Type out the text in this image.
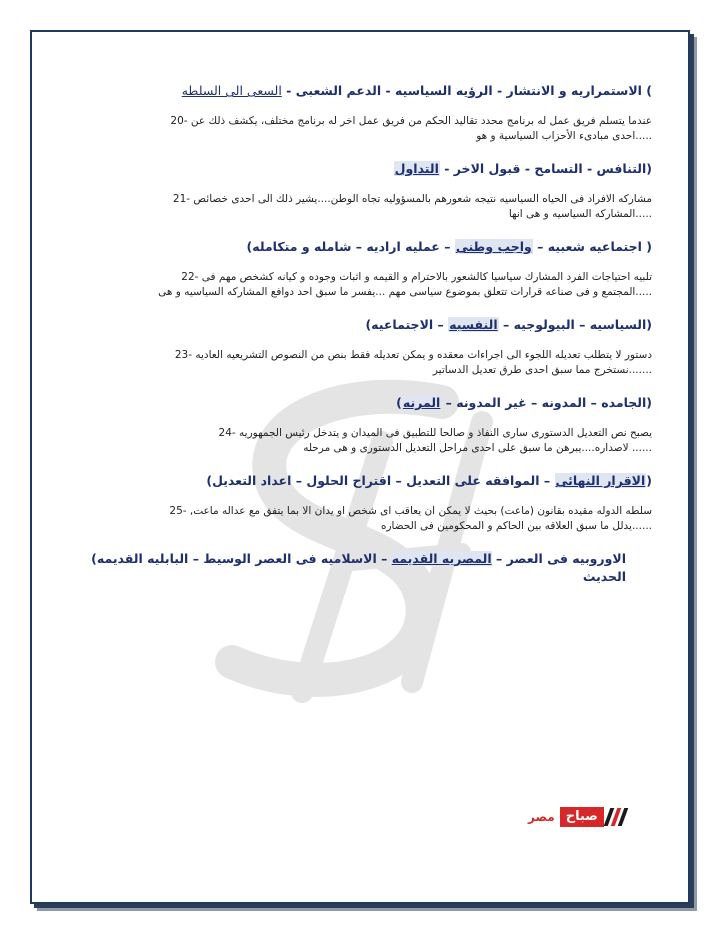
) الاستمراريه و الانتشار - الرؤيه السياسيه - الدعم الشعبى - السعى الى السلطه
عندما يتسلم فريق عمل له برنامج محدد تقاليد الحكم من فريق عمل اخر له برنامج مختلف، يكشف ذلك عن -20
.....احدى مبادىء الأحزاب السياسية و هو
(التنافس - التسامح - قبول الاخر - التداول
مشاركه الافراد فى الحياه السياسيه نتيجه شعورهم بالمسؤوليه تجاه الوطن....يشير ذلك الى احدى خصائص -21
.....المشاركه السياسيه و هى انها
( اجتماعيه شعبيه – واجب وطنى – عمليه اراديه – شامله و متكامله)
تلبيه احتياجات الفرد المشارك سياسيا كالشعور بالاحترام و القيمه و اثبات وجوده و كيانه كشخص مهم فى -22
.....المجتمع و فى صناعه قرارات تتعلق بموضوع سياسى مهم ...يفسر ما سبق احد دوافع المشاركه السياسيه و هى
(السياسيه – البيولوجيه – النفسيه – الاجتماعيه)
دستور لا يتطلب تعديله اللجوء الى اجراءات معقده و يمكن تعديله فقط بنص من النصوص التشريعيه العاديه -23
.......نستخرج مما سبق احدى طرق تعديل الدساتير
(الجامده – المدونه – غير المدونه – المرنه)
يصبح نص التعديل الدستورى سارى النفاذ و صالحا للتطبيق فى الميدان و يتدخل رئيس الجمهوريه -24
...... لاصداره....يبرهن ما سبق على احدى مراحل التعديل الدستورى و هى مرحله
(الاقرار النهائى – الموافقه على التعديل – اقتراح الحلول – اعداد التعديل)
سلطه الدوله مقيده بقانون (ماعت) بحيث لا يمكن ان يعاقب اى شخص او يدان الا بما يتفق مع عداله ماعت, -25
......يدلل ما سبق العلاقه بين الحاكم و المحكومين فى الحضاره
الاوروبيه فى العصر – المصريه القديمه – الاسلاميه فى العصر الوسيط – البابليه القديمه)
الحديث
صباح
مصر
